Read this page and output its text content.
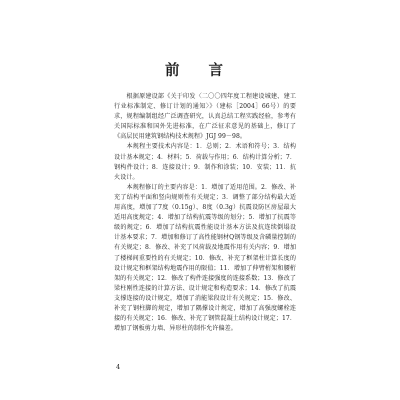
前 言

根据原建设部《关于印发〈二〇〇四年度工程建设城建、建工行业标准制定、修订计划的通知〉》（建标［2004］66号）的要求，规程编制组经广泛调查研究，认真总结工程实践经验，参考有关国际标准和国外先进标准，在广泛征求意见的基础上，修订了《高层民用建筑钢结构技术规程》JGJ 99－98。

本规程主要技术内容是：1．总则；2．术语和符号；3．结构设计基本规定；4．材料；5．荷载与作用；6．结构计算分析；7．钢构件设计；8．连接设计；9．制作和涂装；10．安装；11．抗火设计。

本规程修订的主要内容是：1．增加了适用范围。2．修改、补充了结构平面和竖向规则性有关规定；3．调整了部分结构最大适用高度，增加了7度（0.15g）、8度（0.3g）抗震设防区房屋最大适用高度规定；4．增加了结构抗震等级的划分；5．增加了抗震等级的规定；6．增加了结构抗震性能设计基本方法及抗连续倒塌设计基本要求；7．增加和修订了高性能钢材Q钢等级及含磷量控制的有关规定；8．修改、补充了风荷载及地震作用有关内容；9．增加了楼梯间重要性的有关规定；10．修改、补充了框架柱计算长度的设计规定和框架结构地震作用的限值；11．增加了伸臂桁架和腰桁架的有关规定；12．修改了构件连接强度的连接系数；13．修改了梁柱刚性连接的计算方法、设计规定和构造要求；14．修改了抗震支撑连接的设计规定，增加了消能梁段设计有关规定；15．修改、补充了钢柱脚的规定，增加了隅撑设计规定，增加了高强度螺栓连接的有关规定；16．修改、补充了钢管混凝土结构设计规定；17．增加了钢板剪力墙、异形柱的制作允许偏差。

4
